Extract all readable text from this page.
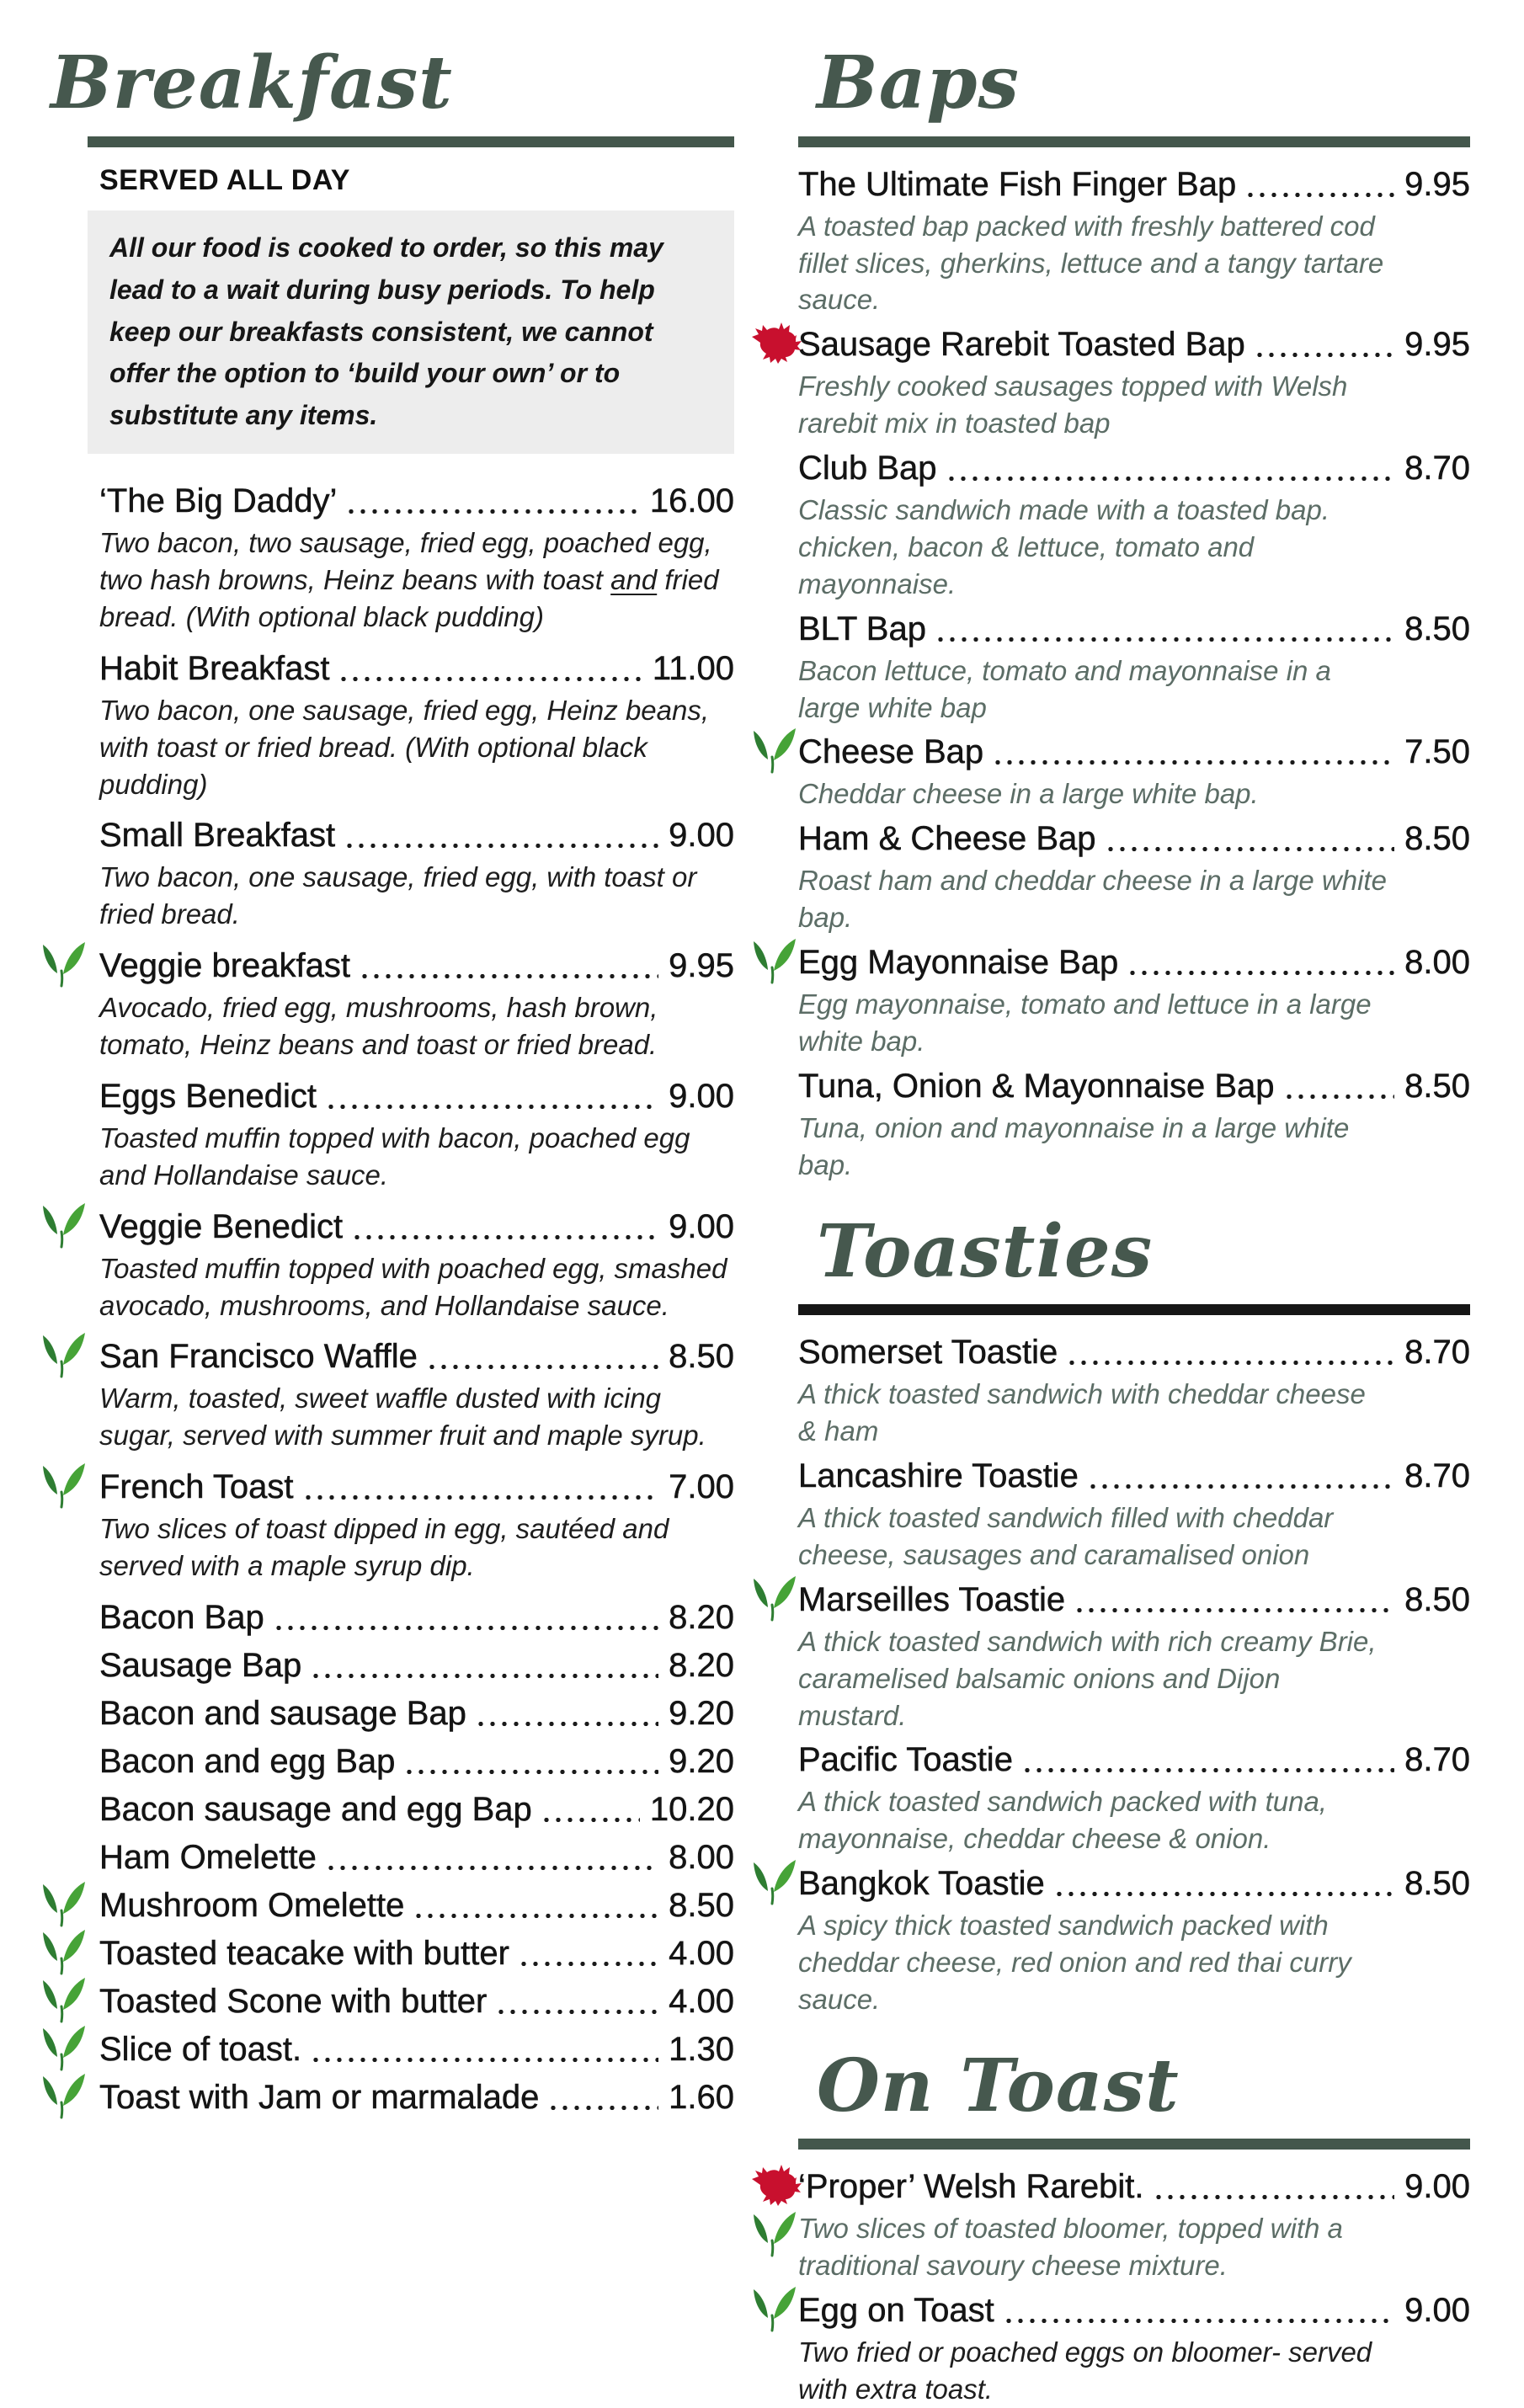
Breakfast
SERVED ALL DAY
All our food is cooked to order, so this may lead to a wait during busy periods. To help keep our breakfasts consistent, we cannot offer the option to ‘build your own’ or to substitute any items.
‘The Big Daddy’	16.00
Two bacon, two sausage, fried egg, poached egg, two hash browns, Heinz beans with toast and fried bread. (With optional black pudding)
Habit Breakfast	11.00
Two bacon, one sausage, fried egg, Heinz beans, with toast or fried bread. (With optional black pudding)
Small Breakfast	9.00
Two bacon, one sausage, fried egg, with toast or fried bread.
Veggie breakfast	9.95
Avocado, fried egg, mushrooms, hash brown, tomato, Heinz beans and toast or fried bread.
Eggs Benedict	9.00
Toasted muffin topped with bacon, poached egg and Hollandaise sauce.
Veggie Benedict	9.00
Toasted muffin topped with poached egg, smashed avocado, mushrooms, and Hollandaise sauce.
San Francisco Waffle	8.50
Warm, toasted, sweet waffle dusted with icing sugar, served with summer fruit and maple syrup.
French Toast	7.00
Two slices of toast dipped in egg, sautéed and served with a maple syrup dip.
Bacon Bap	8.20
Sausage Bap	8.20
Bacon and sausage Bap	9.20
Bacon and egg Bap	9.20
Bacon sausage and egg Bap	10.20
Ham Omelette	8.00
Mushroom Omelette	8.50
Toasted teacake with butter	4.00
Toasted Scone with butter	4.00
Slice of toast.	1.30
Toast with Jam or marmalade	1.60
Baps
The Ultimate Fish Finger Bap	9.95
A toasted bap packed with freshly battered cod fillet slices, gherkins, lettuce and a tangy tartare sauce.
Sausage Rarebit Toasted Bap	9.95
Freshly cooked sausages topped with Welsh rarebit mix in toasted bap
Club Bap	8.70
Classic sandwich made with a toasted bap. chicken, bacon & lettuce, tomato and mayonnaise.
BLT Bap	8.50
Bacon lettuce, tomato and mayonnaise in a large white bap
Cheese Bap	7.50
Cheddar cheese in a large white bap.
Ham & Cheese Bap	8.50
Roast ham and cheddar cheese in a large white bap.
Egg Mayonnaise Bap	8.00
Egg mayonnaise, tomato and lettuce in a large white bap.
Tuna, Onion & Mayonnaise Bap	8.50
Tuna, onion and mayonnaise in a large white bap.
Toasties
Somerset Toastie	8.70
A thick toasted sandwich with cheddar cheese & ham
Lancashire Toastie	8.70
A thick toasted sandwich filled with cheddar cheese, sausages and caramalised onion
Marseilles Toastie	8.50
A thick toasted sandwich with rich creamy Brie, caramelised balsamic onions and Dijon mustard.
Pacific Toastie	8.70
A thick toasted sandwich packed with tuna, mayonnaise, cheddar cheese & onion.
Bangkok Toastie	8.50
A spicy thick toasted sandwich packed with cheddar cheese, red onion and red thai curry sauce.
On Toast
‘Proper’ Welsh Rarebit.	9.00
Two slices of toasted bloomer, topped with a traditional savoury cheese mixture.
Egg on Toast	9.00
Two fried or poached eggs on bloomer- served with extra toast.
